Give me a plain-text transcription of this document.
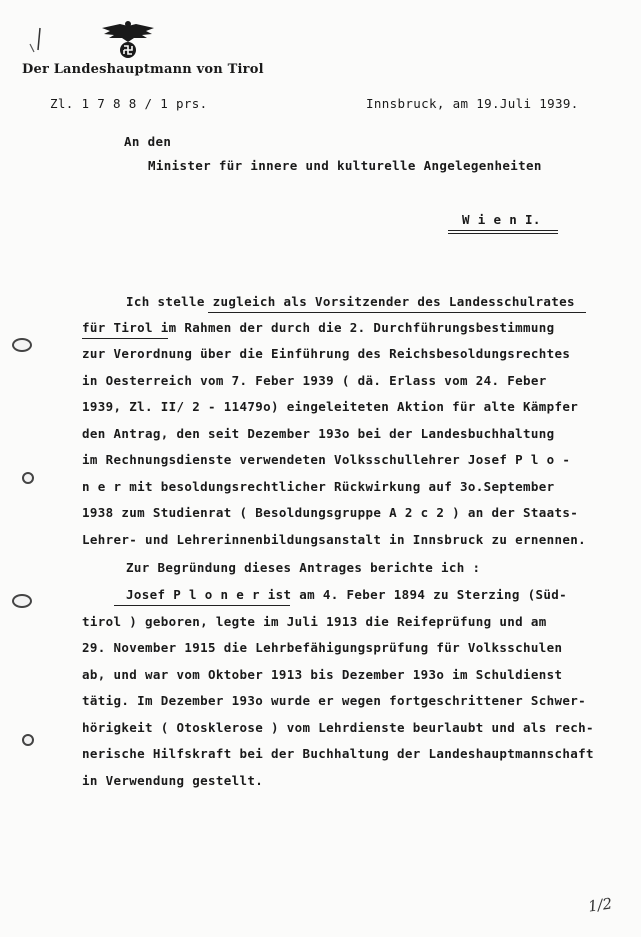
Der Landeshauptmann von Tirol
Zl. 1 7 8 8 / 1 prs.	Innsbruck, am 19.Juli 1939.
An den
Minister für innere und kulturelle Angelegenheiten
W i e n I.
Ich stelle zugleich als Vorsitzender des Landesschulrates
für Tirol im Rahmen der durch die 2. Durchführungsbestimmung
zur Verordnung über die Einführung des Reichsbesoldungsrechtes
in Oesterreich vom 7. Feber 1939 ( dä. Erlass vom 24. Feber
1939, Zl. II/ 2 - 11479o) eingeleiteten Aktion für alte Kämpfer
den Antrag, den seit Dezember 193o bei der Landesbuchhaltung
im Rechnungsdienste verwendeten Volksschullehrer Josef P l o -
n e r mit besoldungsrechtlicher Rückwirkung auf 3o.September
1938 zum Studienrat ( Besoldungsgruppe A 2 c 2 ) an der Staats-
Lehrer- und Lehrerinnenbildungsanstalt in Innsbruck zu ernennen.
Zur Begründung dieses Antrages berichte ich :
Josef P l o n e r ist am 4. Feber 1894 zu Sterzing (Süd-
tirol ) geboren, legte im Juli 1913 die Reifeprüfung und am
29. November 1915 die Lehrbefähigungsprüfung für Volksschulen
ab, und war vom Oktober 1913 bis Dezember 193o im Schuldienst
tätig. Im Dezember 193o wurde er wegen fortgeschrittener Schwer-
hörigkeit ( Otosklerose ) vom Lehrdienste beurlaubt und als rech-
nerische Hilfskraft bei der Buchhaltung der Landeshauptmannschaft
in Verwendung gestellt.
1/2
